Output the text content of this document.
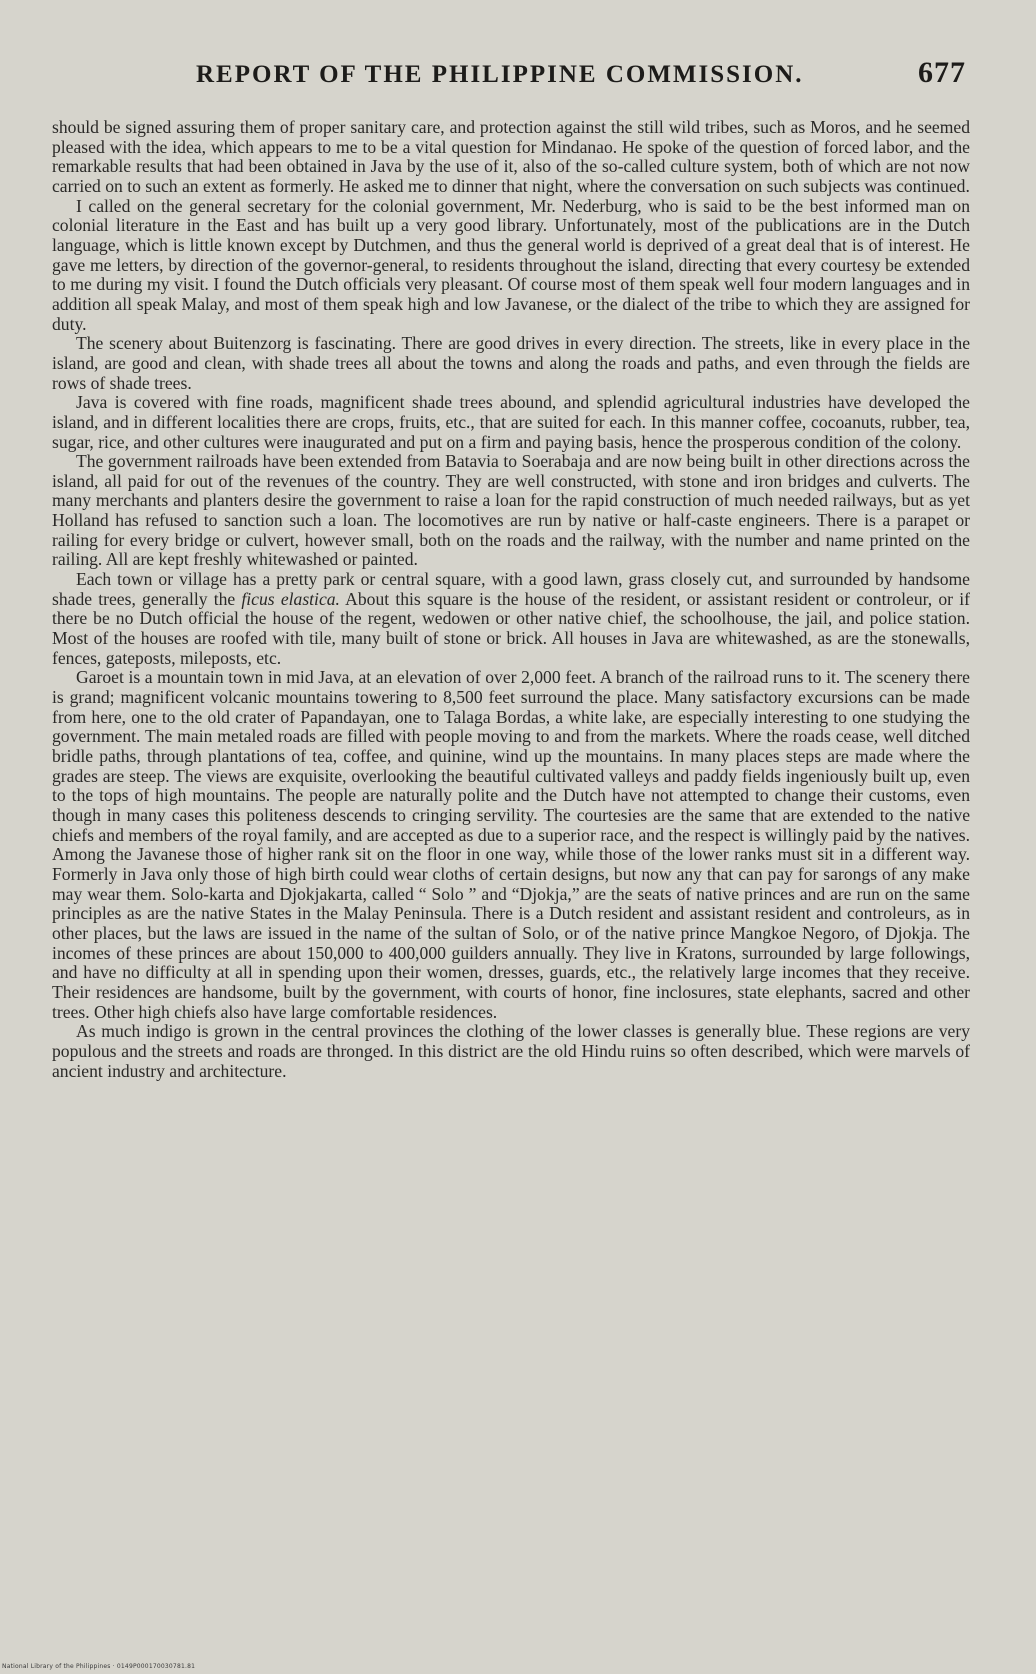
REPORT OF THE PHILIPPINE COMMISSION.	677

should be signed assuring them of proper sanitary care, and protection against the still wild tribes, such as Moros, and he seemed pleased with the idea, which appears to me to be a vital question for Mindanao. He spoke of the question of forced labor, and the remarkable results that had been obtained in Java by the use of it, also of the so-called culture system, both of which are not now carried on to such an extent as formerly. He asked me to dinner that night, where the conversation on such subjects was continued.

I called on the general secretary for the colonial government, Mr. Nederburg, who is said to be the best informed man on colonial literature in the East and has built up a very good library. Unfortunately, most of the publications are in the Dutch language, which is little known except by Dutchmen, and thus the general world is deprived of a great deal that is of interest. He gave me letters, by direction of the governor-general, to residents throughout the island, directing that every courtesy be extended to me during my visit. I found the Dutch officials very pleasant. Of course most of them speak well four modern languages and in addition all speak Malay, and most of them speak high and low Javanese, or the dialect of the tribe to which they are assigned for duty.

The scenery about Buitenzorg is fascinating. There are good drives in every direction. The streets, like in every place in the island, are good and clean, with shade trees all about the towns and along the roads and paths, and even through the fields are rows of shade trees.

Java is covered with fine roads, magnificent shade trees abound, and splendid agricultural industries have developed the island, and in different localities there are crops, fruits, etc., that are suited for each. In this manner coffee, cocoanuts, rubber, tea, sugar, rice, and other cultures were inaugurated and put on a firm and paying basis, hence the prosperous condition of the colony.

The government railroads have been extended from Batavia to Soerabaja and are now being built in other directions across the island, all paid for out of the revenues of the country. They are well constructed, with stone and iron bridges and culverts. The many merchants and planters desire the government to raise a loan for the rapid construction of much needed railways, but as yet Holland has refused to sanction such a loan. The locomotives are run by native or half-caste engineers. There is a parapet or railing for every bridge or culvert, however small, both on the roads and the railway, with the number and name printed on the railing. All are kept freshly whitewashed or painted.

Each town or village has a pretty park or central square, with a good lawn, grass closely cut, and surrounded by handsome shade trees, generally the ficus elastica. About this square is the house of the resident, or assistant resident or controleur, or if there be no Dutch official the house of the regent, wedowen or other native chief, the schoolhouse, the jail, and police station. Most of the houses are roofed with tile, many built of stone or brick. All houses in Java are whitewashed, as are the stonewalls, fences, gateposts, mileposts, etc.

Garoet is a mountain town in mid Java, at an elevation of over 2,000 feet. A branch of the railroad runs to it. The scenery there is grand; magnificent volcanic mountains towering to 8,500 feet surround the place. Many satisfactory excursions can be made from here, one to the old crater of Papandayan, one to Talaga Bordas, a white lake, are especially interesting to one studying the government. The main metaled roads are filled with people moving to and from the markets. Where the roads cease, well ditched bridle paths, through plantations of tea, coffee, and quinine, wind up the mountains. In many places steps are made where the grades are steep. The views are exquisite, overlooking the beautiful cultivated valleys and paddy fields ingeniously built up, even to the tops of high mountains. The people are naturally polite and the Dutch have not attempted to change their customs, even though in many cases this politeness descends to cringing servility. The courtesies are the same that are extended to the native chiefs and members of the royal family, and are accepted as due to a superior race, and the respect is willingly paid by the natives. Among the Javanese those of higher rank sit on the floor in one way, while those of the lower ranks must sit in a different way. Formerly in Java only those of high birth could wear cloths of certain designs, but now any that can pay for sarongs of any make may wear them. Solo-karta and Djokjakarta, called “ Solo ” and “Djokja,” are the seats of native princes and are run on the same principles as are the native States in the Malay Peninsula. There is a Dutch resident and assistant resident and controleurs, as in other places, but the laws are issued in the name of the sultan of Solo, or of the native prince Mangkoe Negoro, of Djokja. The incomes of these princes are about 150,000 to 400,000 guilders annually. They live in Kratons, surrounded by large followings, and have no difficulty at all in spending upon their women, dresses, guards, etc., the relatively large incomes that they receive. Their residences are handsome, built by the government, with courts of honor, fine inclosures, state elephants, sacred and other trees. Other high chiefs also have large comfortable residences.

As much indigo is grown in the central provinces the clothing of the lower classes is generally blue. These regions are very populous and the streets and roads are thronged. In this district are the old Hindu ruins so often described, which were marvels of ancient industry and architecture.

National Library of the Philippines · 0149P000170030781.81
